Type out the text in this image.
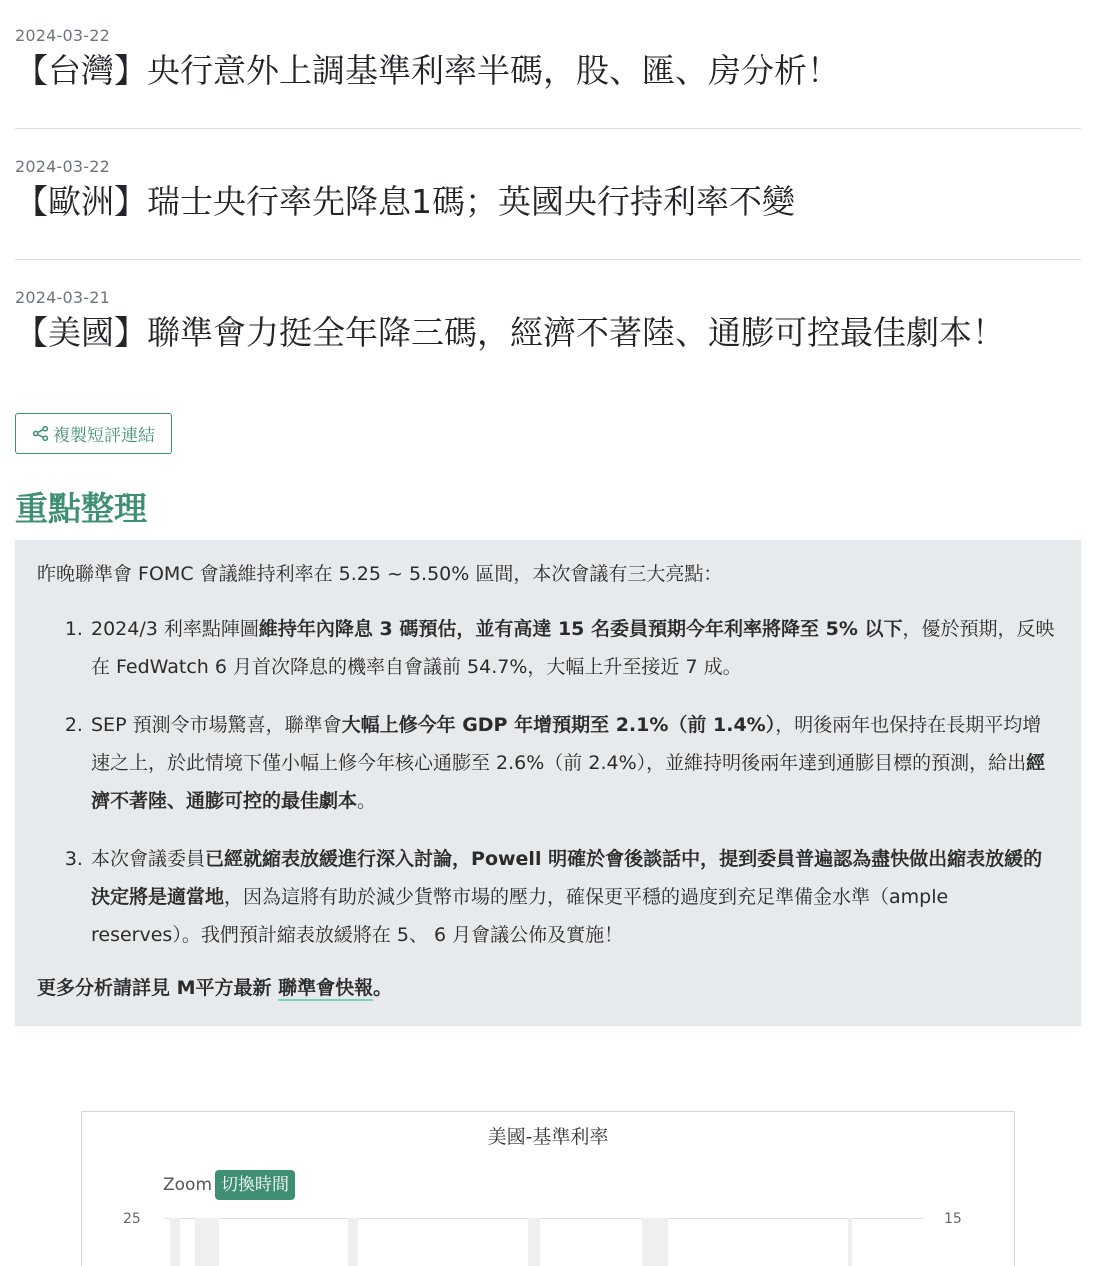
2024-03-22
【台灣】央行意外上調基準利率半碼，股、匯、房分析！
2024-03-22
【歐洲】瑞士央行率先降息1碼；英國央行持利率不變
2024-03-21
【美國】聯準會力挺全年降三碼，經濟不著陸、通膨可控最佳劇本！
複製短評連結
重點整理
昨晚聯準會 FOMC 會議維持利率在 5.25 ~ 5.50% 區間，本次會議有三大亮點：
1. 2024/3 利率點陣圖維持年內降息 3 碼預估，並有高達 15 名委員預期今年利率將降至 5% 以下，優於預期，反映在 FedWatch 6 月首次降息的機率自會議前 54.7%，大幅上升至接近 7 成。
2. SEP 預測令市場驚喜，聯準會大幅上修今年 GDP 年增預期至 2.1%（前 1.4%），明後兩年也保持在長期平均增速之上，於此情境下僅小幅上修今年核心通膨至 2.6%（前 2.4%），並維持明後兩年達到通膨目標的預測，給出經濟不著陸、通膨可控的最佳劇本。
3. 本次會議委員已經就縮表放緩進行深入討論，Powell 明確於會後談話中，提到委員普遍認為盡快做出縮表放緩的決定將是適當地，因為這將有助於減少貨幣市場的壓力，確保更平穩的過度到充足準備金水準（ample reserves）。我們預計縮表放緩將在 5、 6 月會議公佈及實施！
更多分析請詳見 M平方最新 聯準會快報。
美國-基準利率
Zoom 切換時間
25	15
